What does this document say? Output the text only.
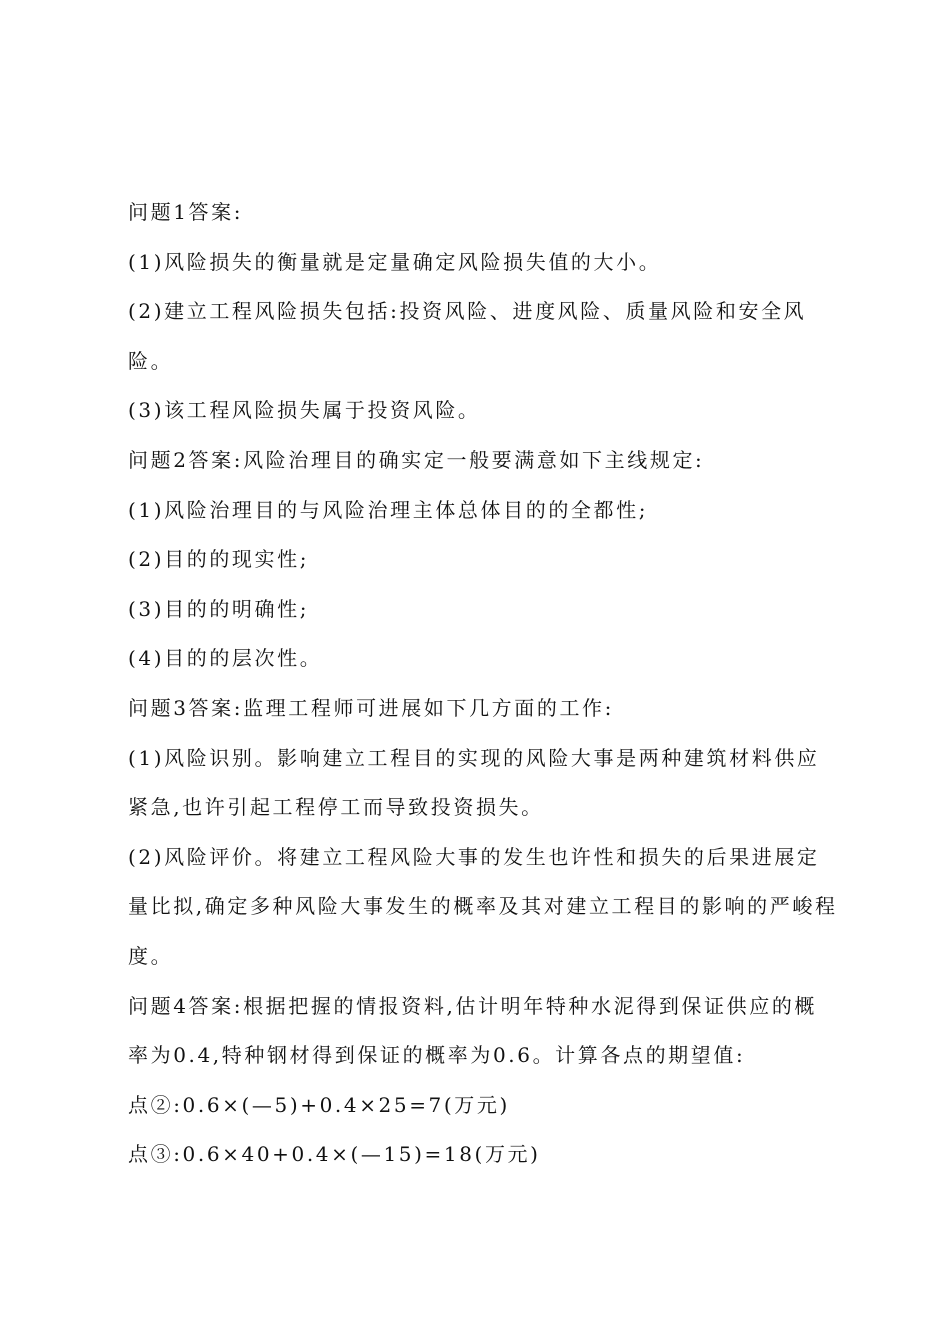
问题1答案:

(1)风险损失的衡量就是定量确定风险损失值的大小。

(2)建立工程风险损失包括:投资风险、进度风险、质量风险和安全风险。

(3)该工程风险损失属于投资风险。

问题2答案:风险治理目的确实定一般要满意如下主线规定:

(1)风险治理目的与风险治理主体总体目的的全都性;

(2)目的的现实性;

(3)目的的明确性;

(4)目的的层次性。

问题3答案:监理工程师可进展如下几方面的工作:

(1)风险识别。影响建立工程目的实现的风险大事是两种建筑材料供应紧急,也许引起工程停工而导致投资损失。

(2)风险评价。将建立工程风险大事的发生也许性和损失的后果进展定量比拟,确定多种风险大事发生的概率及其对建立工程目的影响的严峻程度。

问题4答案:根据把握的情报资料,估计明年特种水泥得到保证供应的概率为0.4,特种钢材得到保证的概率为0.6。计算各点的期望值:

点②:0.6×(—5)+0.4×25=7(万元)

点③:0.6×40+0.4×(—15)=18(万元)
